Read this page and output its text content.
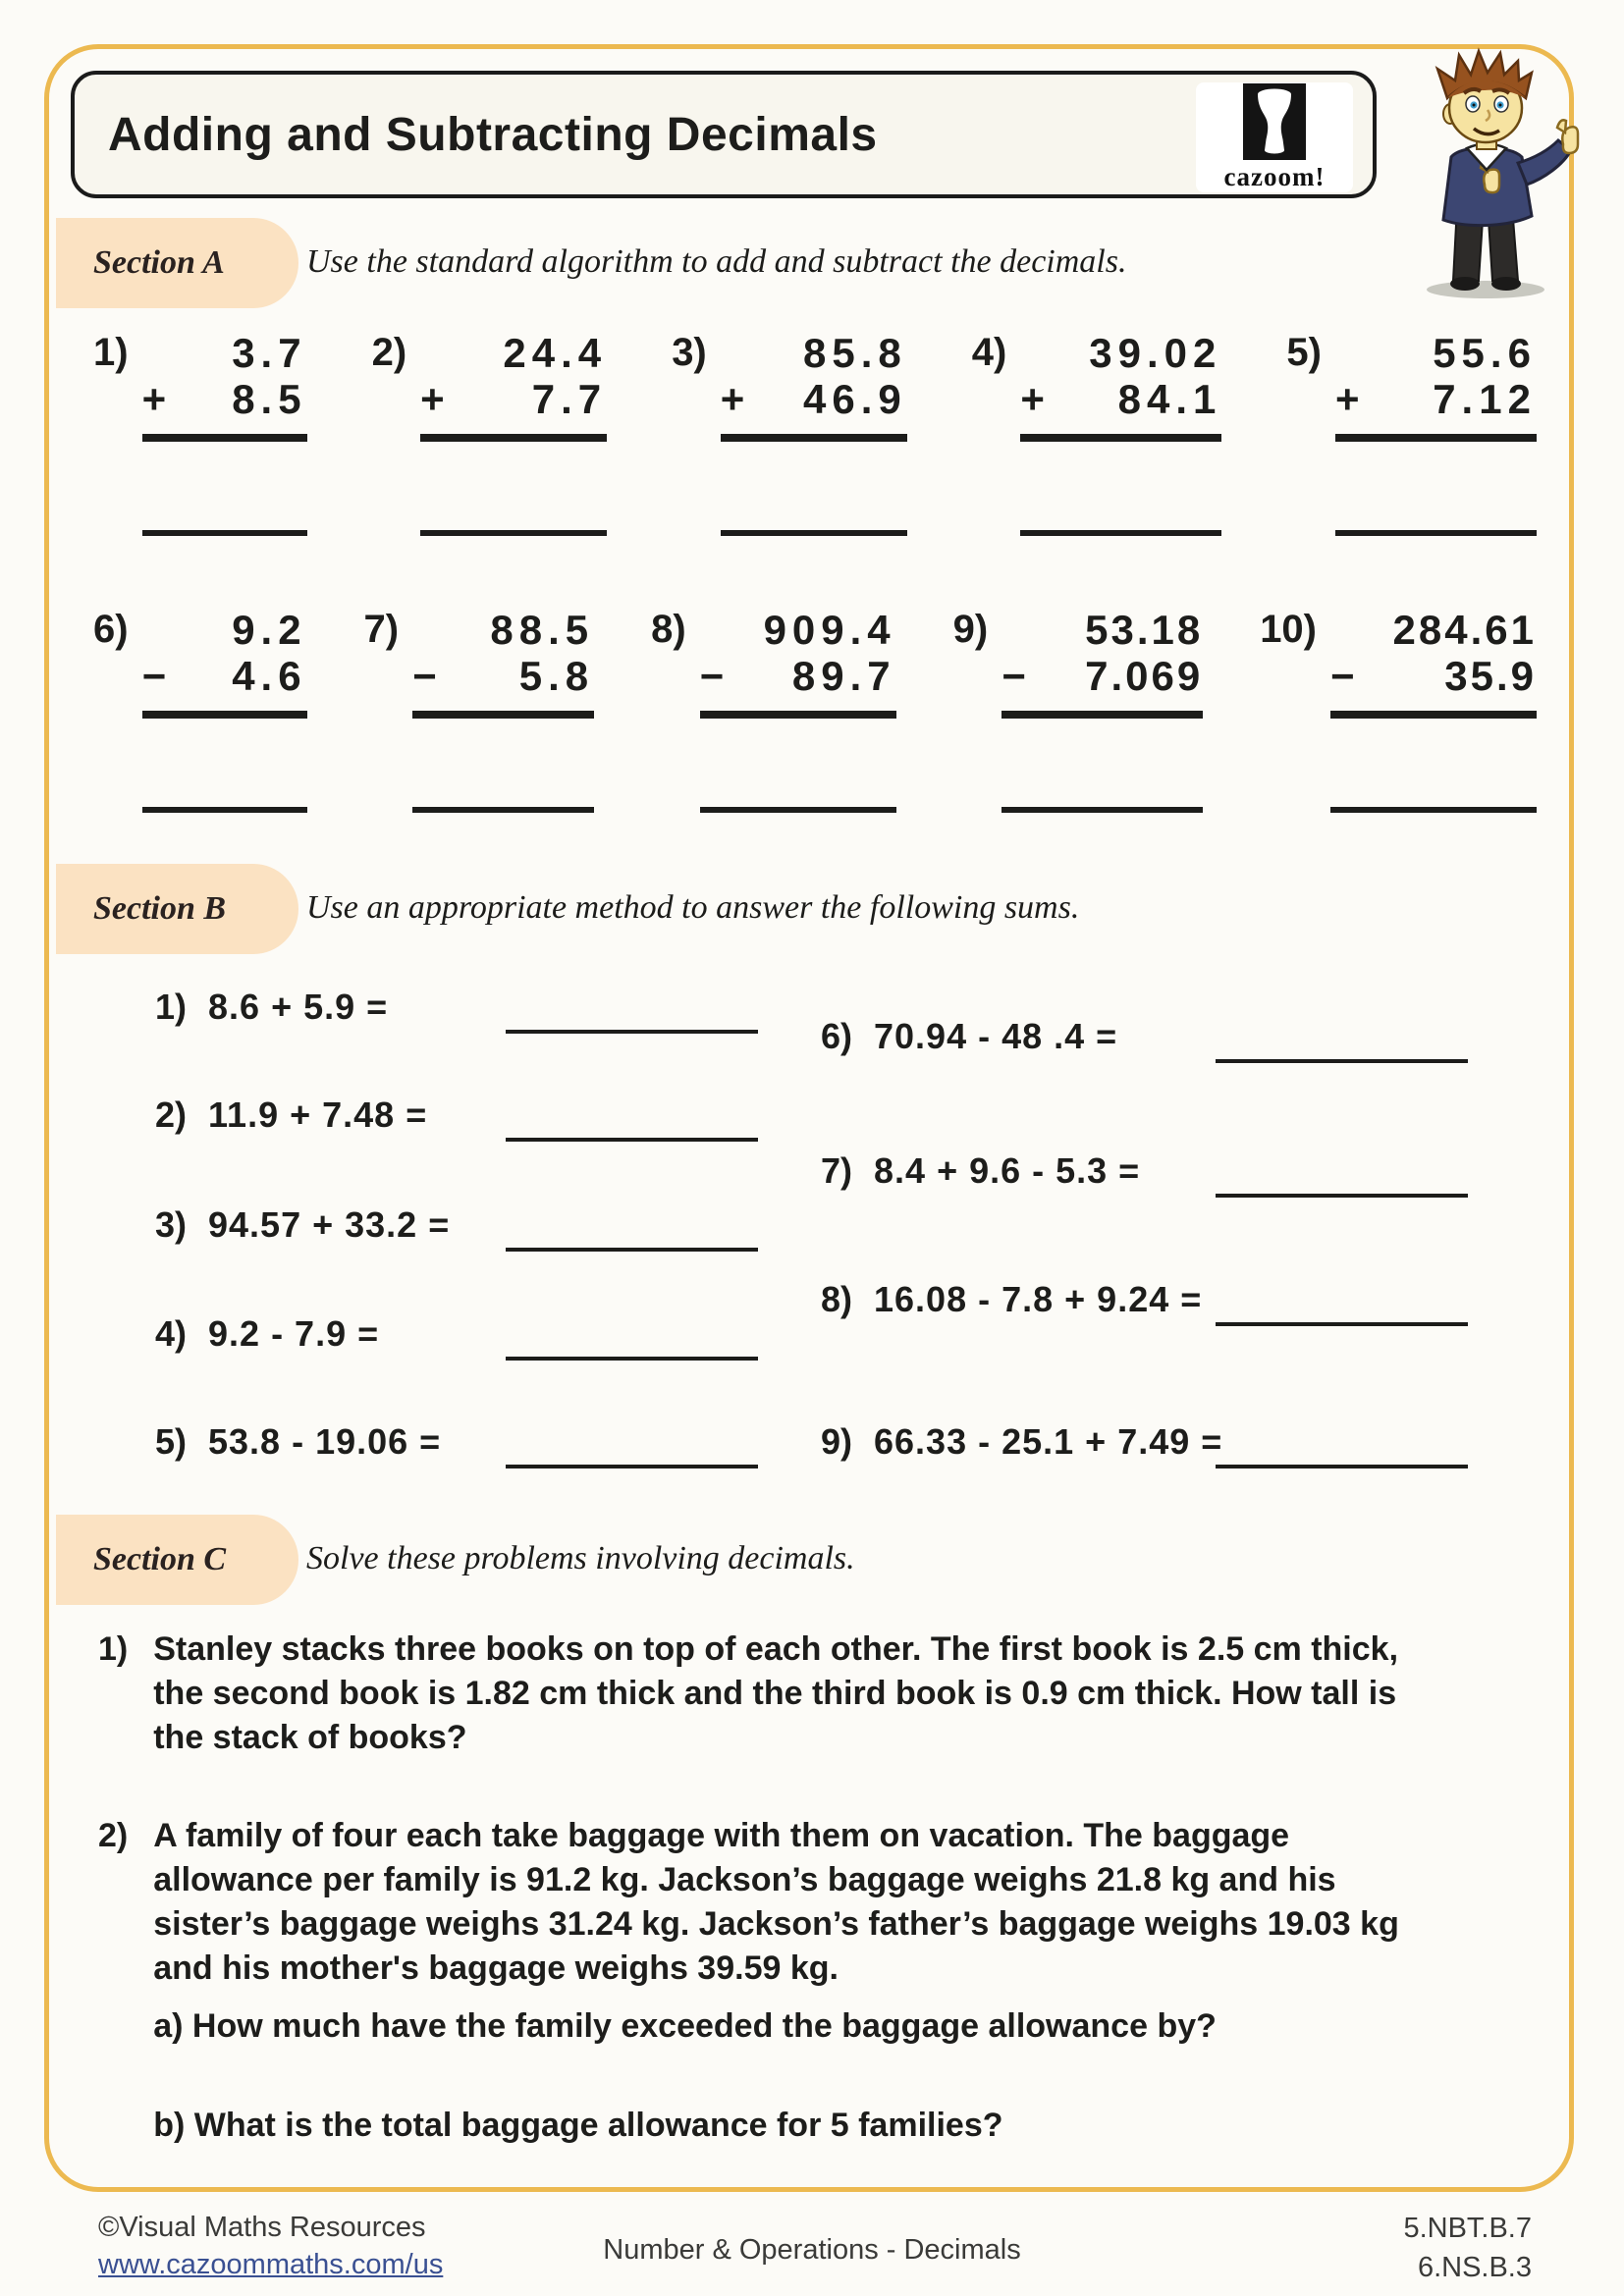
Adding and Subtracting Decimals
cazoom!
Section A Use the standard algorithm to add and subtract the decimals.
1)	3.7
+ 8.5
2)	24.4
+ 7.7
3)	85.8
+ 46.9
4)	39.02
+ 84.1
5)	55.6
+ 7.12
6)	9.2
− 4.6
7)	88.5
− 5.8
8)	909.4
− 89.7
9)	53.18
− 7.069
10)	284.61
− 35.9
Section B Use an appropriate method to answer the following sums.
1) 8.6 + 5.9 =
2) 11.9 + 7.48 =
3) 94.57 + 33.2 =
4) 9.2 - 7.9 =
5) 53.8 - 19.06 =
6) 70.94 - 48 .4 =
7) 8.4 + 9.6 - 5.3 =
8) 16.08 - 7.8 + 9.24 =
9) 66.33 - 25.1 + 7.49 =
Section C Solve these problems involving decimals.
1) Stanley stacks three books on top of each other. The first book is 2.5 cm thick,
the second book is 1.82 cm thick and the third book is 0.9 cm thick. How tall is
the stack of books?
2) A family of four each take baggage with them on vacation. The baggage
allowance per family is 91.2 kg. Jackson’s baggage weighs 21.8 kg and his
sister’s baggage weighs 31.24 kg. Jackson’s father’s baggage weighs 19.03 kg
and his mother's baggage weighs 39.59 kg.
a) How much have the family exceeded the baggage allowance by?
b) What is the total baggage allowance for 5 families?
©Visual Maths Resources
www.cazoommaths.com/us	Number & Operations - Decimals
5.NBT.B.7
6.NS.B.3
